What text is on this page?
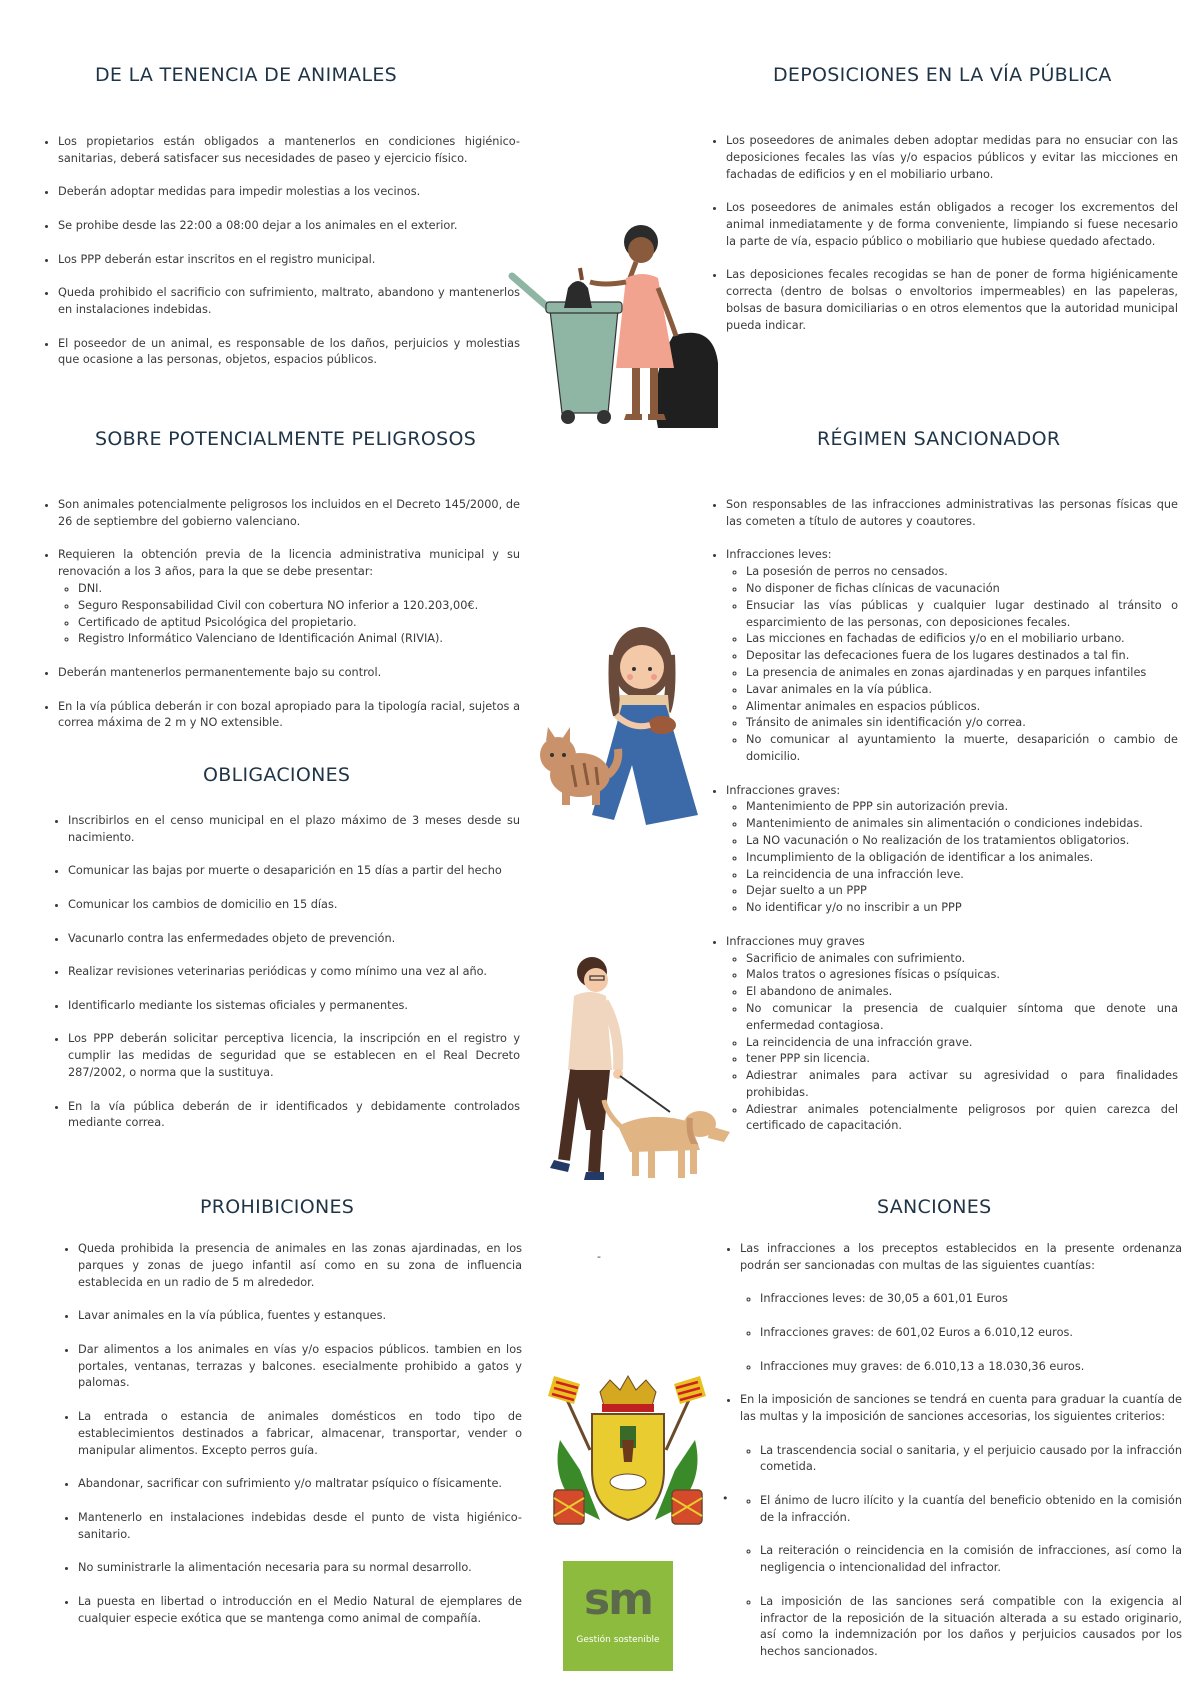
DE LA TENENCIA DE ANIMALES
• Los propietarios están obligados a mantenerlos en condiciones higiénico-sanitarias, deberá satisfacer sus necesidades de paseo y ejercicio físico.
• Deberán adoptar medidas para impedir molestias a los vecinos.
• Se prohibe desde las 22:00 a 08:00 dejar a los animales en el exterior.
• Los PPP deberán estar inscritos en el registro municipal.
• Queda prohibido el sacrificio con sufrimiento, maltrato, abandono y mantenerlos en instalaciones indebidas.
• El poseedor de un animal, es responsable de los daños, perjuicios y molestias que ocasione a las personas, objetos, espacios públicos.
DEPOSICIONES EN LA VÍA PÚBLICA
• Los poseedores de animales deben adoptar medidas para no ensuciar con las deposiciones fecales las vías y/o espacios públicos y evitar las micciones en fachadas de edificios y en el mobiliario urbano.
• Los poseedores de animales están obligados a recoger los excrementos del animal inmediatamente y de forma conveniente, limpiando si fuese necesario la parte de vía, espacio público o mobiliario que hubiese quedado afectado.
• Las deposiciones fecales recogidas se han de poner de forma higiénicamente correcta (dentro de bolsas o envoltorios impermeables) en las papeleras, bolsas de basura domiciliarias o en otros elementos que la autoridad municipal pueda indicar.
SOBRE POTENCIALMENTE PELIGROSOS
• Son animales potencialmente peligrosos los incluidos en el Decreto 145/2000, de 26 de septiembre del gobierno valenciano.
• Requieren la obtención previa de la licencia administrativa municipal y su renovación a los 3 años, para la que se debe presentar:
◦ DNI.
◦ Seguro Responsabilidad Civil con cobertura NO inferior a 120.203,00€.
◦ Certificado de aptitud Psicológica del propietario.
◦ Registro Informático Valenciano de Identificación Animal (RIVIA).
• Deberán mantenerlos permanentemente bajo su control.
• En la vía pública deberán ir con bozal apropiado para la tipología racial, sujetos a correa máxima de 2 m y NO extensible.
RÉGIMEN SANCIONADOR
• Son responsables de las infracciones administrativas las personas físicas que las cometen a título de autores y coautores.
• Infracciones leves:
◦ La posesión de perros no censados.
◦ No disponer de fichas clínicas de vacunación
◦ Ensuciar las vías públicas y cualquier lugar destinado al tránsito o esparcimiento de las personas, con deposiciones fecales.
◦ Las micciones en fachadas de edificios y/o en el mobiliario urbano.
◦ Depositar las defecaciones fuera de los lugares destinados a tal fin.
◦ La presencia de animales en zonas ajardinadas y en parques infantiles
◦ Lavar animales en la vía pública.
◦ Alimentar animales en espacios públicos.
◦ Tránsito de animales sin identificación y/o correa.
◦ No comunicar al ayuntamiento la muerte, desaparición o cambio de domicilio.
• Infracciones graves:
◦ Mantenimiento de PPP sin autorización previa.
◦ Mantenimiento de animales sin alimentación o condiciones indebidas.
◦ La NO vacunación o No realización de los tratamientos obligatorios.
◦ Incumplimiento de la obligación de identificar a los animales.
◦ La reincidencia de una infracción leve.
◦ Dejar suelto a un PPP
◦ No identificar y/o no inscribir a un PPP
• Infracciones muy graves
◦ Sacrificio de animales con sufrimiento.
◦ Malos tratos o agresiones físicas o psíquicas.
◦ El abandono de animales.
◦ No comunicar la presencia de cualquier síntoma que denote una enfermedad contagiosa.
◦ La reincidencia de una infracción grave.
◦ tener PPP sin licencia.
◦ Adiestrar animales para activar su agresividad o para finalidades prohibidas.
◦ Adiestrar animales potencialmente peligrosos por quien carezca del certificado de capacitación.
OBLIGACIONES
• Inscribirlos en el censo municipal en el plazo máximo de 3 meses desde su nacimiento.
• Comunicar las bajas por muerte o desaparición en 15 días a partir del hecho
• Comunicar los cambios de domicilio en 15 días.
• Vacunarlo contra las enfermedades objeto de prevención.
• Realizar revisiones veterinarias periódicas y como mínimo una vez al año.
• Identificarlo mediante los sistemas oficiales y permanentes.
• Los PPP deberán solicitar perceptiva licencia, la inscripción en el registro y cumplir las medidas de seguridad que se establecen en el Real Decreto 287/2002, o norma que la sustituya.
• En la vía pública deberán de ir identificados y debidamente controlados mediante correa.
PROHIBICIONES
• Queda prohibida la presencia de animales en las zonas ajardinadas, en los parques y zonas de juego infantil así como en su zona de influencia establecida en un radio de 5 m alrededor.
• Lavar animales en la vía pública, fuentes y estanques.
• Dar alimentos a los animales en vías y/o espacios públicos. tambien en los portales, ventanas, terrazas y balcones. esecialmente prohibido a gatos y palomas.
• La entrada o estancia de animales domésticos en todo tipo de establecimientos destinados a fabricar, almacenar, transportar, vender o manipular alimentos. Excepto perros guía.
• Abandonar, sacrificar con sufrimiento y/o maltratar psíquico o físicamente.
• Mantenerlo en instalaciones indebidas desde el punto de vista higiénico-sanitario.
• No suministrarle la alimentación necesaria para su normal desarrollo.
• La puesta en libertad o introducción en el Medio Natural de ejemplares de cualquier especie exótica que se mantenga como animal de compañía.
SANCIONES
• Las infracciones a los preceptos establecidos en la presente ordenanza podrán ser sancionadas con multas de las siguientes cuantías:
◦ Infracciones leves: de 30,05 a 601,01 Euros
◦ Infracciones graves: de 601,02 Euros a 6.010,12 euros.
◦ Infracciones muy graves: de 6.010,13 a 18.030,36 euros.
• En la imposición de sanciones se tendrá en cuenta para graduar la cuantía de las multas y la imposición de sanciones accesorias, los siguientes criterios:
◦ La trascendencia social o sanitaria, y el perjuicio causado por la infracción cometida.
◦ El ánimo de lucro ilícito y la cuantía del beneficio obtenido en la comisión de la infracción.
◦ La reiteración o reincidencia en la comisión de infracciones, así como la negligencia o intencionalidad del infractor.
◦ La imposición de las sanciones será compatible con la exigencia al infractor de la reposición de la situación alterada a su estado originario, así como la indemnización por los daños y perjuicios causados por los hechos sancionados.
-
•
sm
Gestión sostenible
